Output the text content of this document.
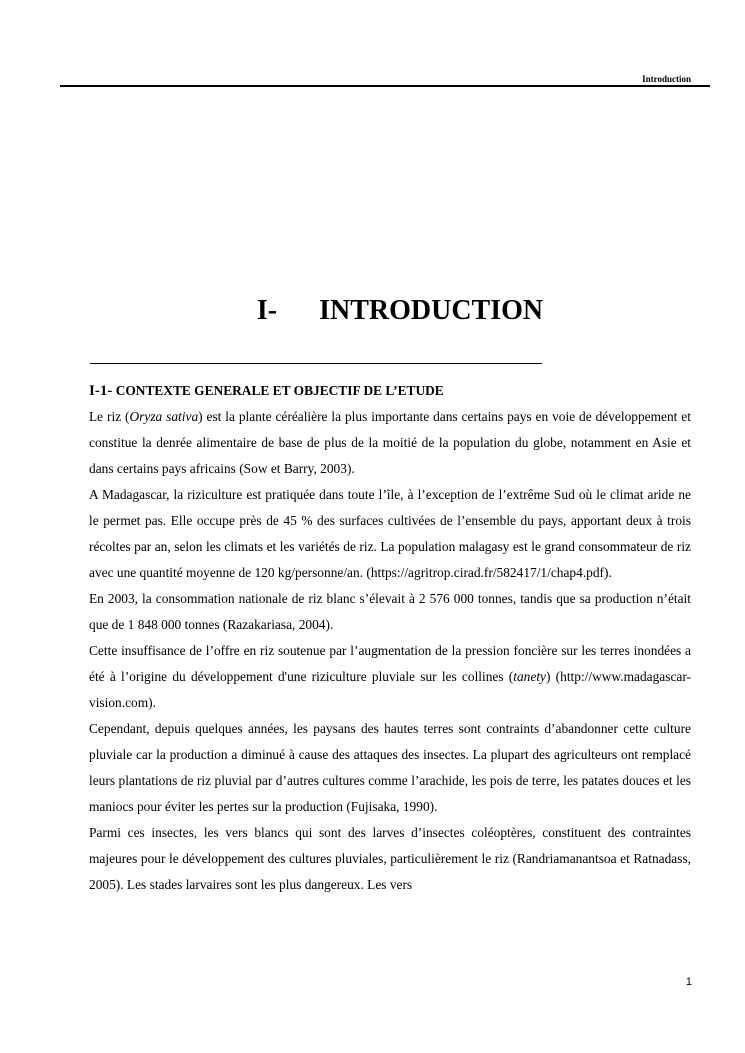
Introduction
I- INTRODUCTION
I-1- CONTEXTE GENERALE ET OBJECTIF DE L’ETUDE

Le riz (Oryza sativa) est la plante céréalière la plus importante dans certains pays en voie de développement et constitue la denrée alimentaire de base de plus de la moitié de la population du globe, notamment en Asie et dans certains pays africains (Sow et Barry, 2003).

A Madagascar, la riziculture est pratiquée dans toute l’île, à l’exception de l’extrême Sud où le climat aride ne le permet pas. Elle occupe près de 45 % des surfaces cultivées de l’ensemble du pays, apportant deux à trois récoltes par an, selon les climats et les variétés de riz. La population malagasy est le grand consommateur de riz avec une quantité moyenne de 120 kg/personne/an. (https://agritrop.cirad.fr/582417/1/chap4.pdf).

En 2003, la consommation nationale de riz blanc s’élevait à 2 576 000 tonnes, tandis que sa production n’était que de 1 848 000 tonnes (Razakariasa, 2004).

Cette insuffisance de l’offre en riz soutenue par l’augmentation de la pression foncière sur les terres inondées a été à l’origine du développement d'une riziculture pluviale sur les collines (tanety) (http://www.madagascar-vision.com).

Cependant, depuis quelques années, les paysans des hautes terres sont contraints d’abandonner cette culture pluviale car la production a diminué à cause des attaques des insectes. La plupart des agriculteurs ont remplacé leurs plantations de riz pluvial par d’autres cultures comme l’arachide, les pois de terre, les patates douces et les maniocs pour éviter les pertes sur la production (Fujisaka, 1990).

Parmi ces insectes, les vers blancs qui sont des larves d’insectes coléoptères, constituent des contraintes majeures pour le développement des cultures pluviales, particulièrement le riz (Randriamanantsoa et Ratnadass, 2005). Les stades larvaires sont les plus dangereux. Les vers

1
